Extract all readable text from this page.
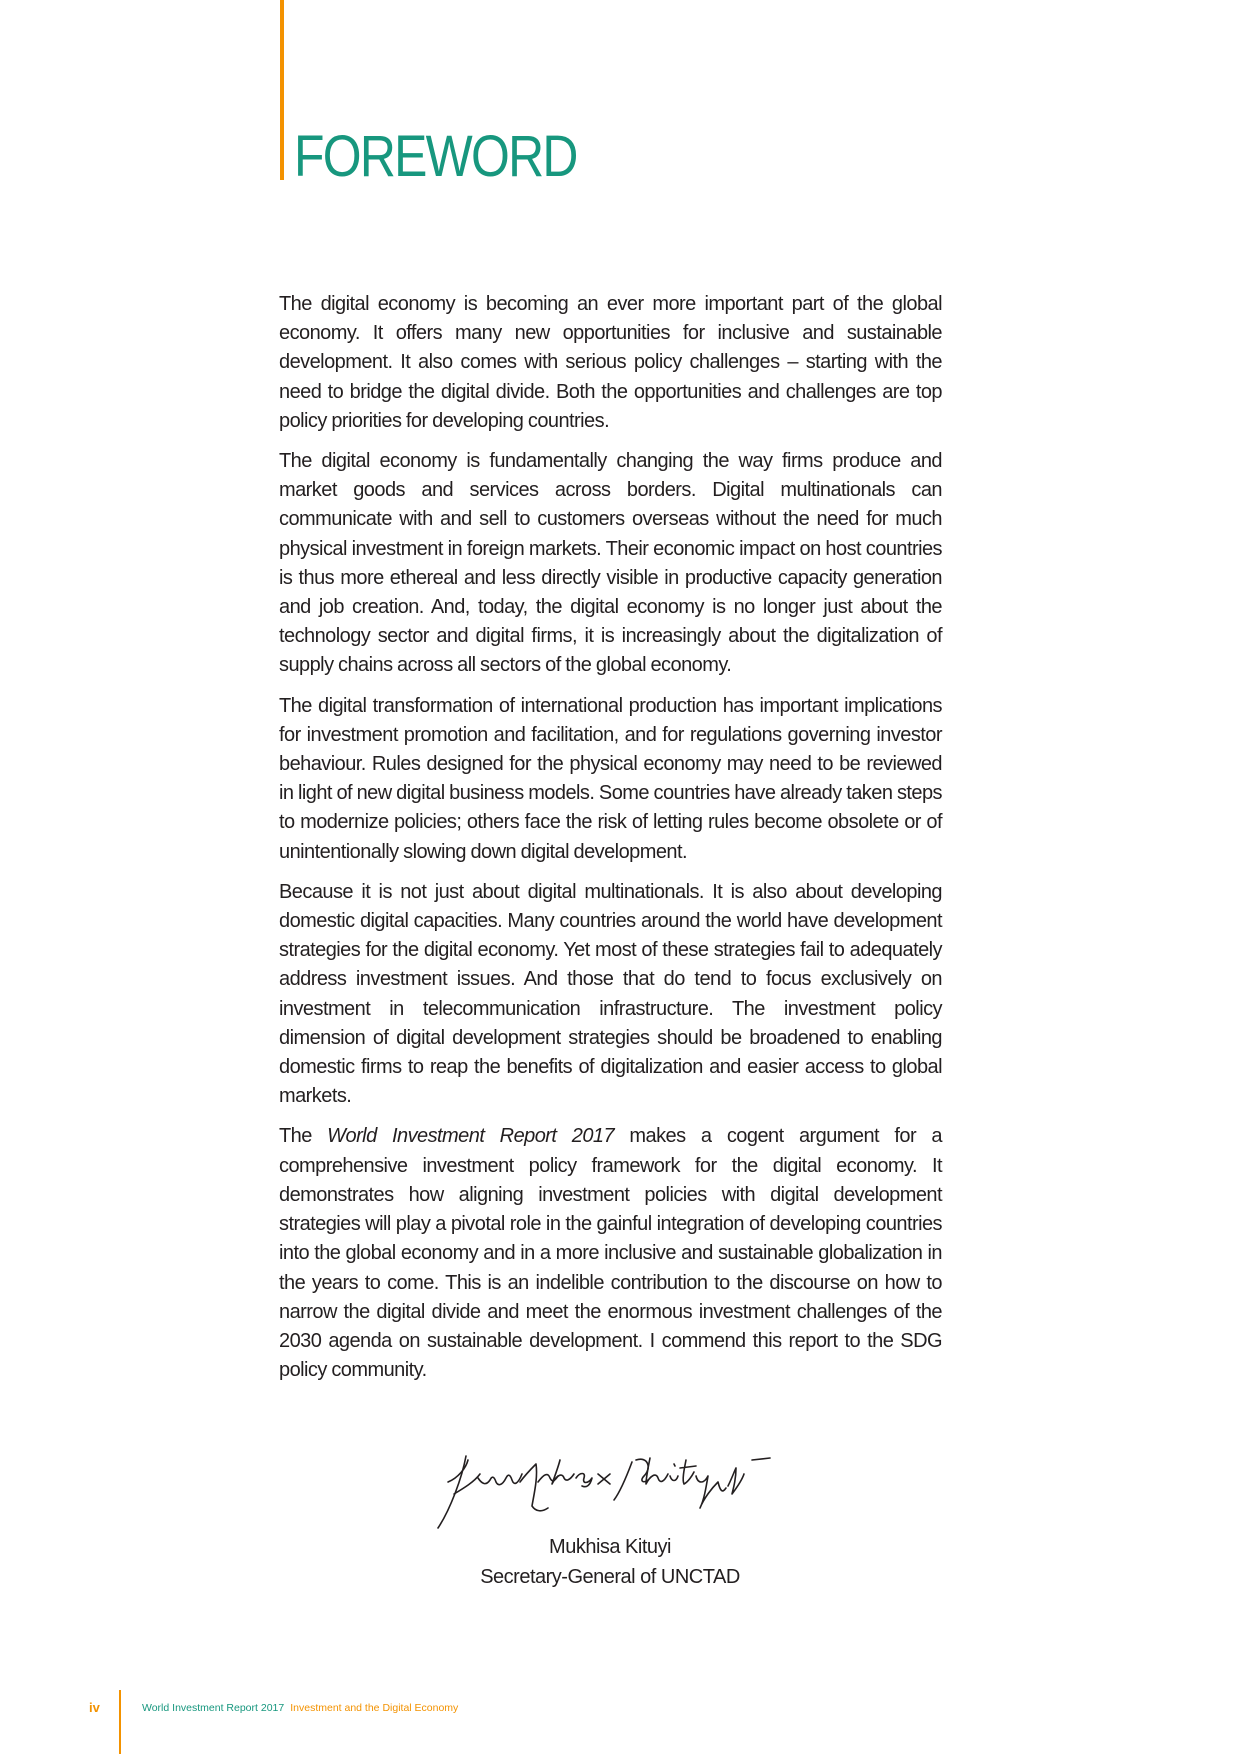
FOREWORD

The digital economy is becoming an ever more important part of the global economy. It offers many new opportunities for inclusive and sustainable development. It also comes with serious policy challenges – starting with the need to bridge the digital divide. Both the opportunities and challenges are top policy priorities for developing countries.

The digital economy is fundamentally changing the way firms produce and market goods and services across borders. Digital multinationals can communicate with and sell to customers overseas without the need for much physical investment in foreign markets. Their economic impact on host countries is thus more ethereal and less directly visible in productive capacity generation and job creation. And, today, the digital economy is no longer just about the technology sector and digital firms, it is increasingly about the digitalization of supply chains across all sectors of the global economy.

The digital transformation of international production has important implications for investment promotion and facilitation, and for regulations governing investor behaviour. Rules designed for the physical economy may need to be reviewed in light of new digital business models. Some countries have already taken steps to modernize policies; others face the risk of letting rules become obsolete or of unintentionally slowing down digital development.

Because it is not just about digital multinationals. It is also about developing domestic digital capacities. Many countries around the world have development strategies for the digital economy. Yet most of these strategies fail to adequately address investment issues. And those that do tend to focus exclusively on investment in telecommunication infrastructure. The investment policy dimension of digital development strategies should be broadened to enabling domestic firms to reap the benefits of digitalization and easier access to global markets.

The World Investment Report 2017 makes a cogent argument for a comprehensive investment policy framework for the digital economy. It demonstrates how aligning investment policies with digital development strategies will play a pivotal role in the gainful integration of developing countries into the global economy and in a more inclusive and sustainable globalization in the years to come. This is an indelible contribution to the discourse on how to narrow the digital divide and meet the enormous investment challenges of the 2030 agenda on sustainable development. I commend this report to the SDG policy community.

Mukhisa Kituyi
Secretary-General of UNCTAD
iv	World Investment Report 2017 Investment and the Digital Economy
